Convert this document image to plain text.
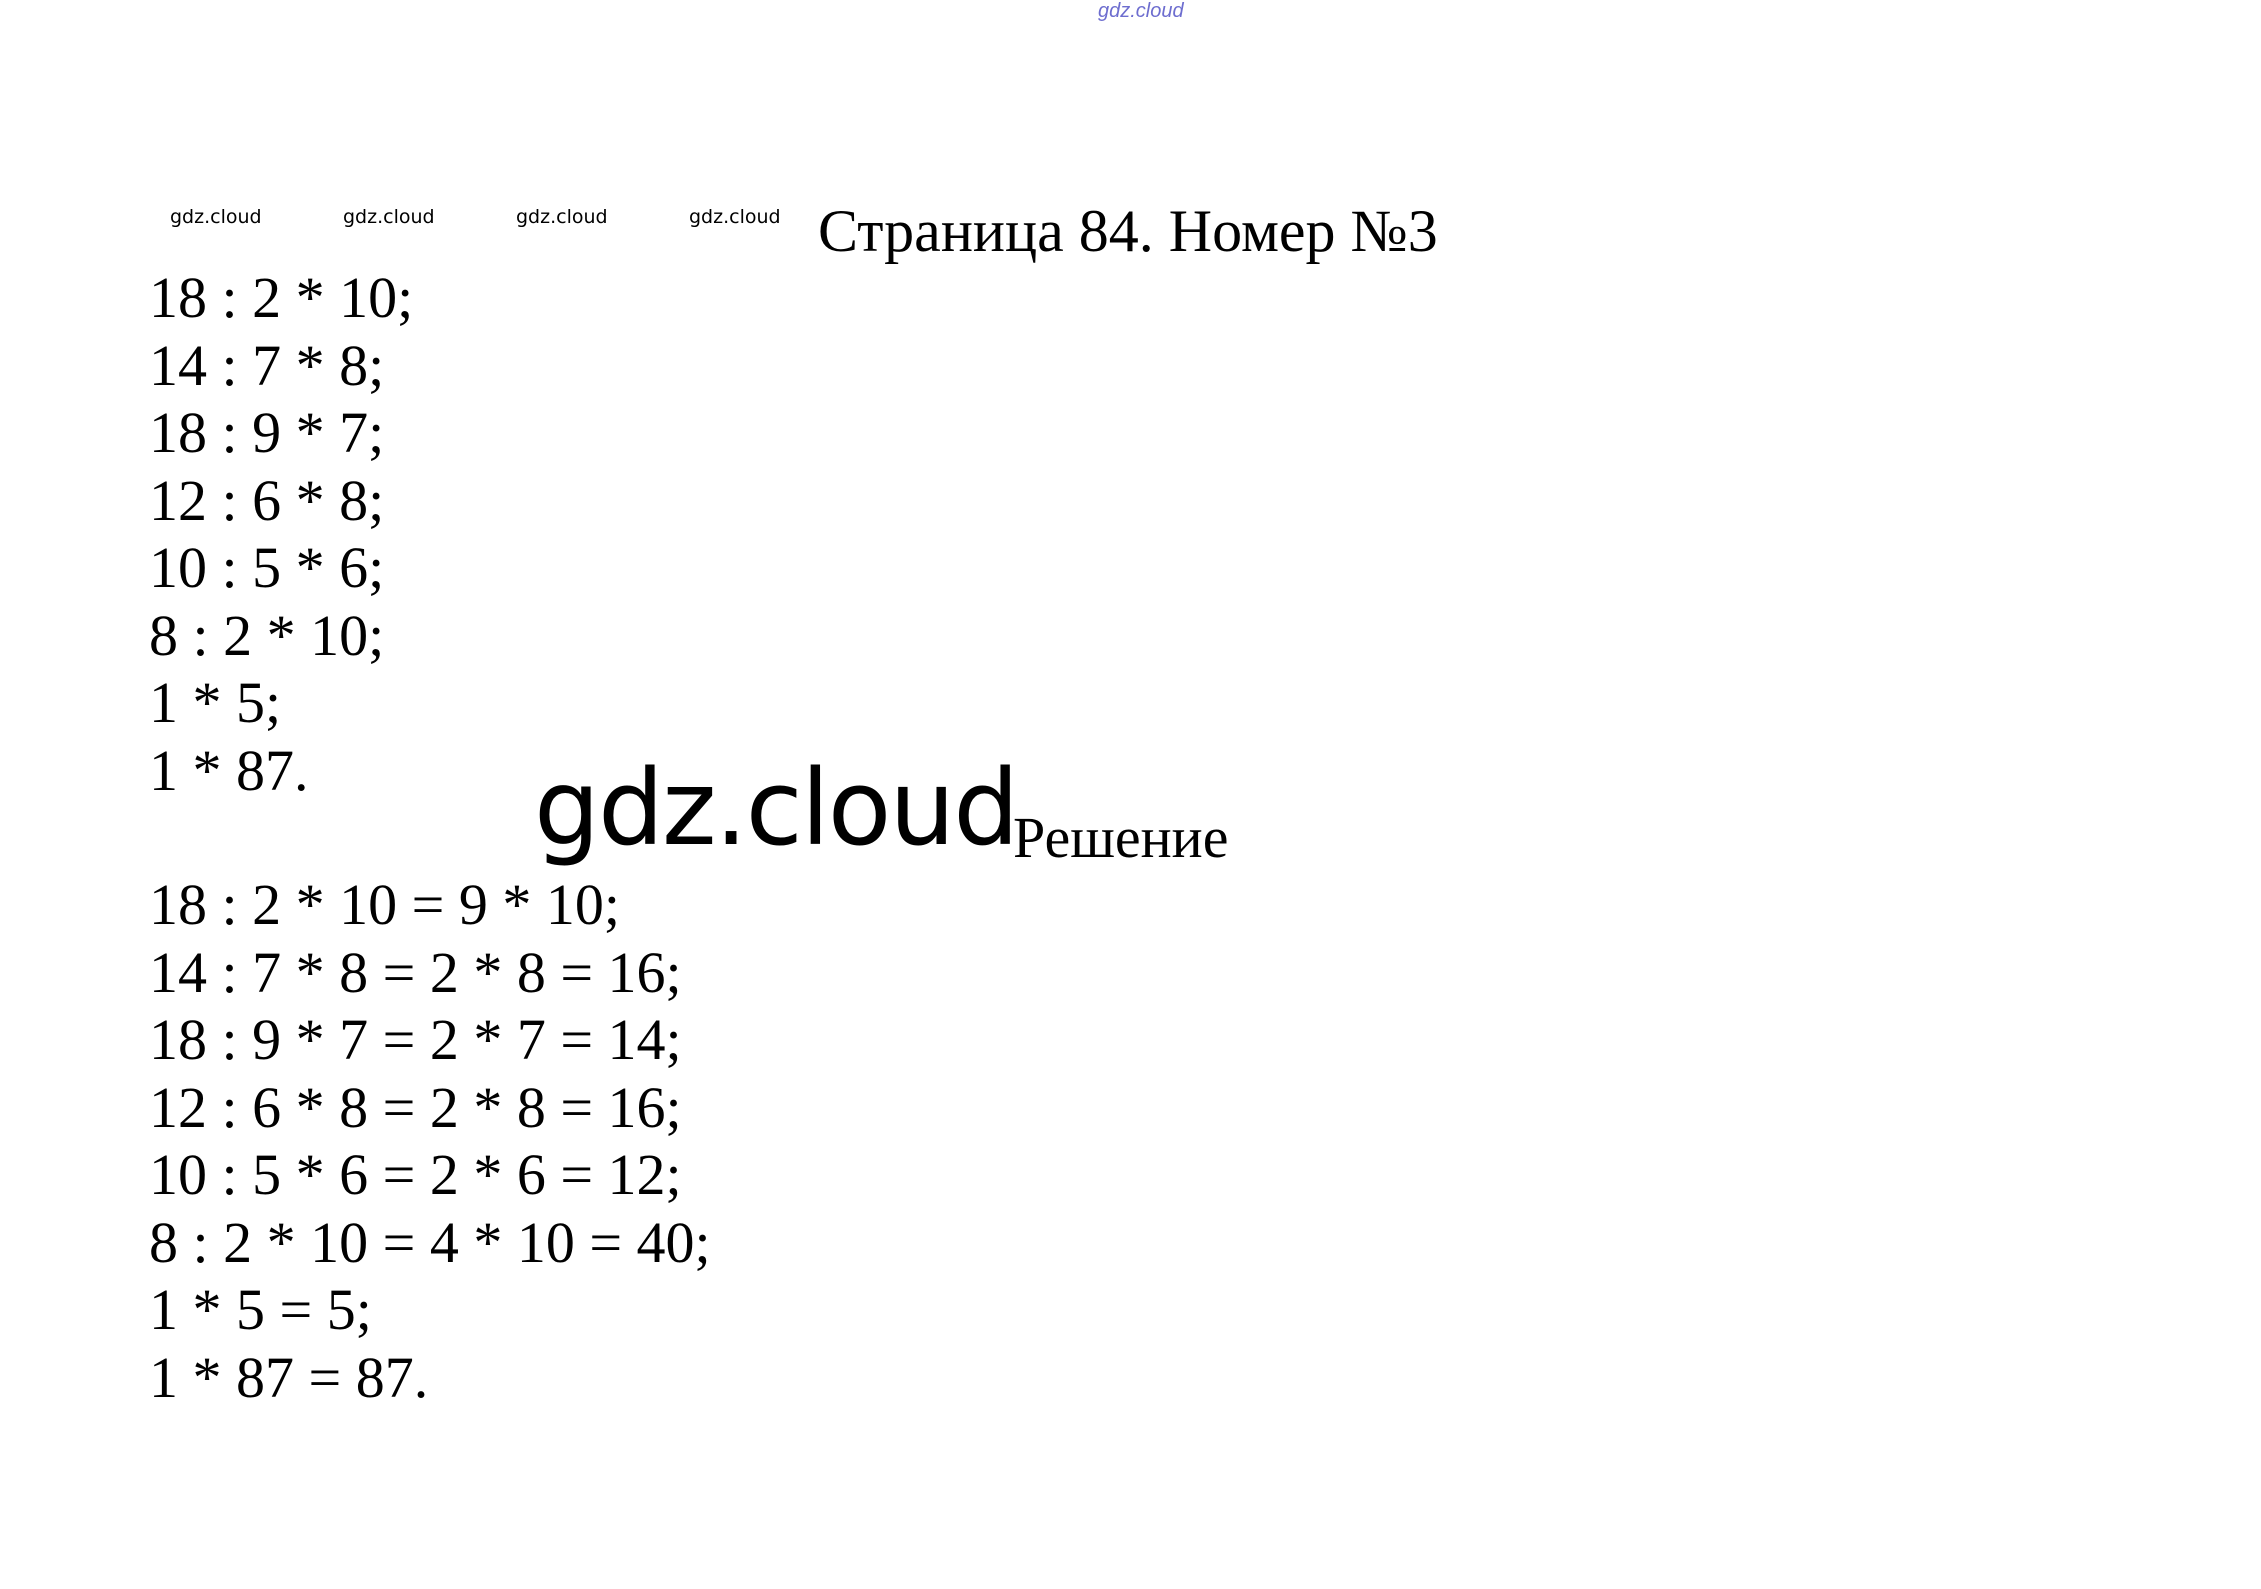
gdz.cloud
gdz.cloud	gdz.cloud	gdz.cloud	gdz.cloud Страница 84. Номер №3
18 : 2 * 10;
14 : 7 * 8;
18 : 9 * 7;
12 : 6 * 8;
10 : 5 * 6;
8 : 2 * 10;
1 * 5;
1 * 87.	gdz.cloud
Решение
18 : 2 * 10 = 9 * 10;
14 : 7 * 8 = 2 * 8 = 16;
18 : 9 * 7 = 2 * 7 = 14;
12 : 6 * 8 = 2 * 8 = 16;
10 : 5 * 6 = 2 * 6 = 12;
8 : 2 * 10 = 4 * 10 = 40;
1 * 5 = 5;
1 * 87 = 87.
